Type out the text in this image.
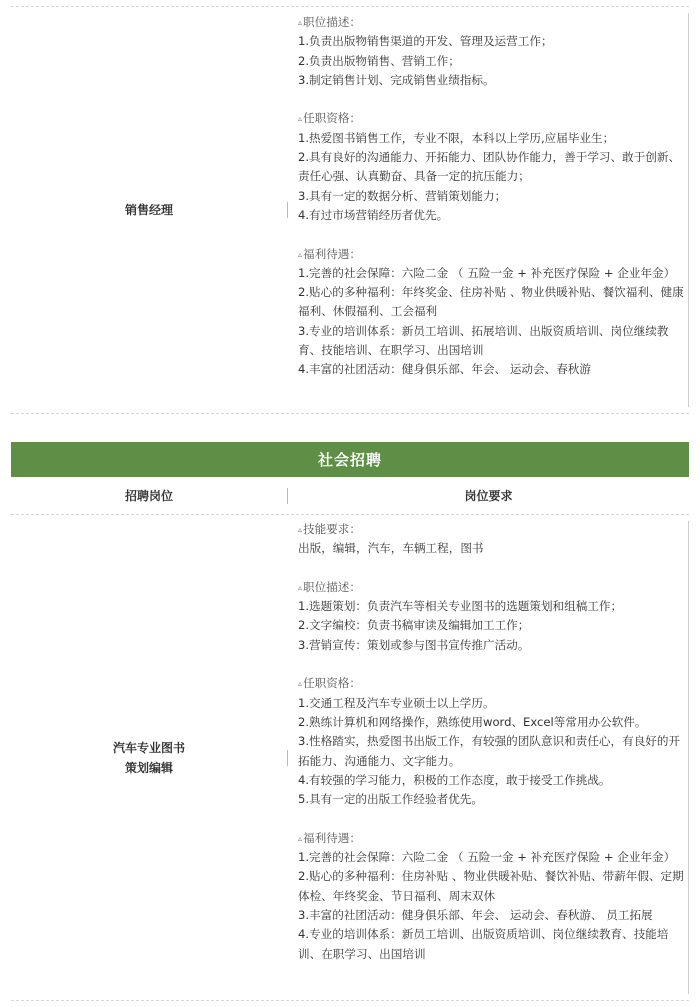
销售经理
▵职位描述：
1.负责出版物销售渠道的开发、管理及运营工作；
2.负责出版物销售、营销工作；
3.制定销售计划、完成销售业绩指标。
▵任职资格：
1.热爱图书销售工作，专业不限，本科以上学历,应届毕业生；
2.具有良好的沟通能力、开拓能力、团队协作能力，善于学习、敢于创新、责任心强、认真勤奋、具备一定的抗压能力；
3.具有一定的数据分析、营销策划能力；
4.有过市场营销经历者优先。
▵福利待遇：
1.完善的社会保障：六险二金 （ 五险一金 + 补充医疗保险 + 企业年金）
2.贴心的多种福利：年终奖金、住房补贴 、物业供暖补贴、餐饮福利、健康福利、休假福利、工会福利
3.专业的培训体系：新员工培训、拓展培训、出版资质培训、岗位继续教育、技能培训、在职学习、出国培训
4.丰富的社团活动：健身俱乐部、年会、 运动会、春秋游
社会招聘
招聘岗位	岗位要求
汽车专业图书
策划编辑
▵技能要求：
出版，编辑，汽车，车辆工程，图书
▵职位描述：
1.选题策划：负责汽车等相关专业图书的选题策划和组稿工作；
2.文字编校：负责书稿审读及编辑加工工作；
3.营销宣传：策划或参与图书宣传推广活动。
▵任职资格：
1.交通工程及汽车专业硕士以上学历。
2.熟练计算机和网络操作，熟练使用word、Excel等常用办公软件。
3.性格踏实，热爱图书出版工作，有较强的团队意识和责任心，有良好的开拓能力、沟通能力、文字能力。
4.有较强的学习能力，积极的工作态度，敢于接受工作挑战。
5.具有一定的出版工作经验者优先。
▵福利待遇：
1.完善的社会保障：六险二金 （ 五险一金 + 补充医疗保险 + 企业年金）
2.贴心的多种福利：住房补贴 、物业供暖补贴、餐饮补贴、带薪年假、定期体检、年终奖金、节日福利、周末双休
3.丰富的社团活动：健身俱乐部、年会、 运动会、春秋游、 员工拓展
4.专业的培训体系：新员工培训、出版资质培训、岗位继续教育、技能培训、在职学习、出国培训
